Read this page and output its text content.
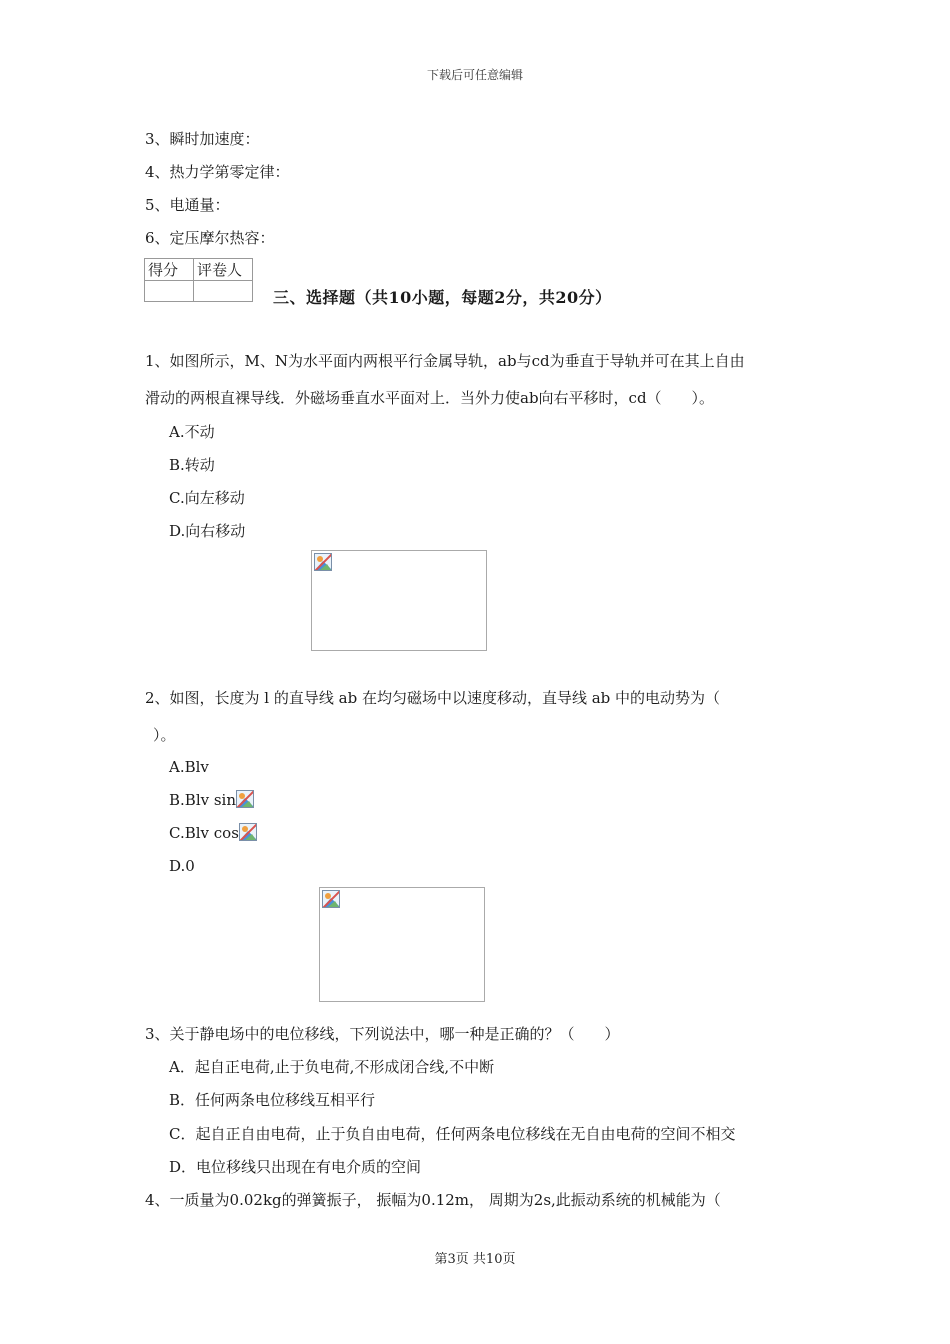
下载后可任意编辑
3、瞬时加速度：
4、热力学第零定律：
5、电通量：
6、定压摩尔热容：
得分	评卷人

三、选择题（共10小题，每题2分，共20分）
1、如图所示，M、N为水平面内两根平行金属导轨，ab与cd为垂直于导轨并可在其上自由
滑动的两根直裸导线．外磁场垂直水平面对上．当外力使ab向右平移时，cd（　　）。
A.不动
B.转动
C.向左移动
D.向右移动
2、如图，长度为 l 的直导线 ab 在均匀磁场中以速度移动，直导线 ab 中的电动势为（
）。
A.Blv
B.Blv sin
C.Blv cos
D.0
3、关于静电场中的电位移线，下列说法中，哪一种是正确的？（　　）
A．起自正电荷,止于负电荷,不形成闭合线,不中断
B．任何两条电位移线互相平行
C．起自正自由电荷，止于负自由电荷，任何两条电位移线在无自由电荷的空间不相交
D．电位移线只出现在有电介质的空间
4、一质量为0.02kg的弹簧振子， 振幅为0.12m， 周期为2s,此振动系统的机械能为（
第3页 共10页
